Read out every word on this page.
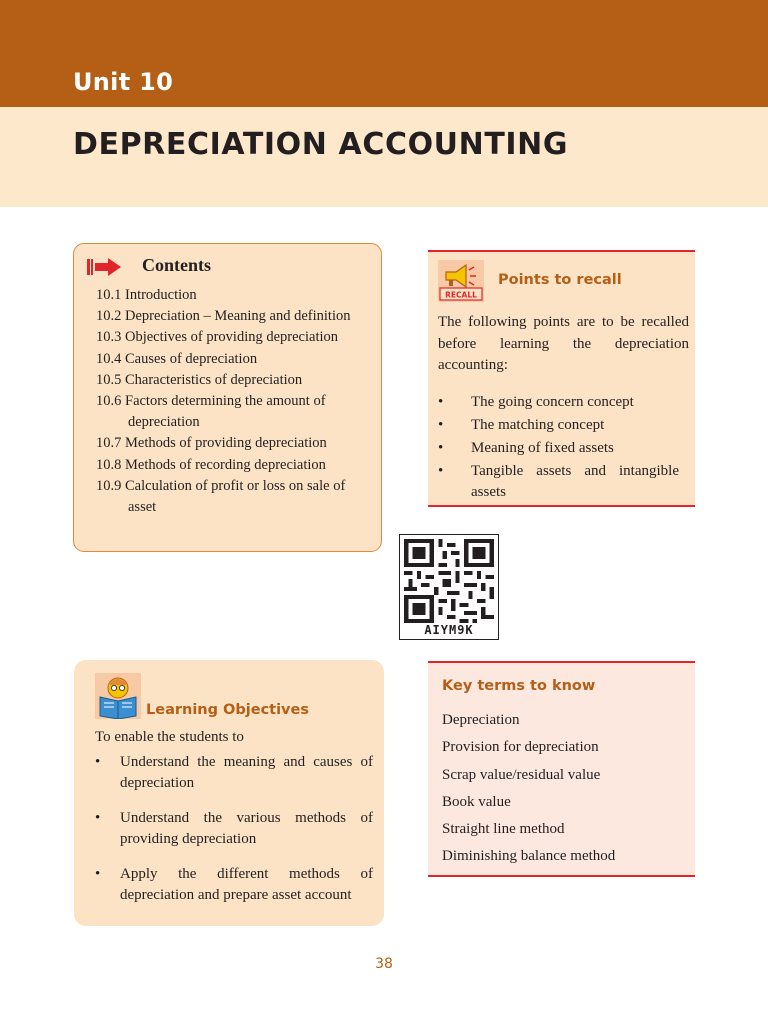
Unit 10
DEPRECIATION ACCOUNTING
Contents
10.1 Introduction
10.2 Depreciation – Meaning and definition
10.3 Objectives of providing depreciation
10.4 Causes of depreciation
10.5 Characteristics of depreciation
10.6 Factors determining the amount of depreciation
10.7 Methods of providing depreciation
10.8 Methods of recording depreciation
10.9 Calculation of profit or loss on sale of asset
RECALL
Points to recall
The following points are to be recalled before learning the depreciation accounting:
• The going concern concept
• The matching concept
• Meaning of fixed assets
• Tangible assets and intangible assets
AIYM9K
Learning Objectives
To enable the students to
• Understand the meaning and causes of depreciation
• Understand the various methods of providing depreciation
• Apply the different methods of depreciation and prepare asset account
Key terms to know
Depreciation
Provision for depreciation
Scrap value/residual value
Book value
Straight line method
Diminishing balance method
38
